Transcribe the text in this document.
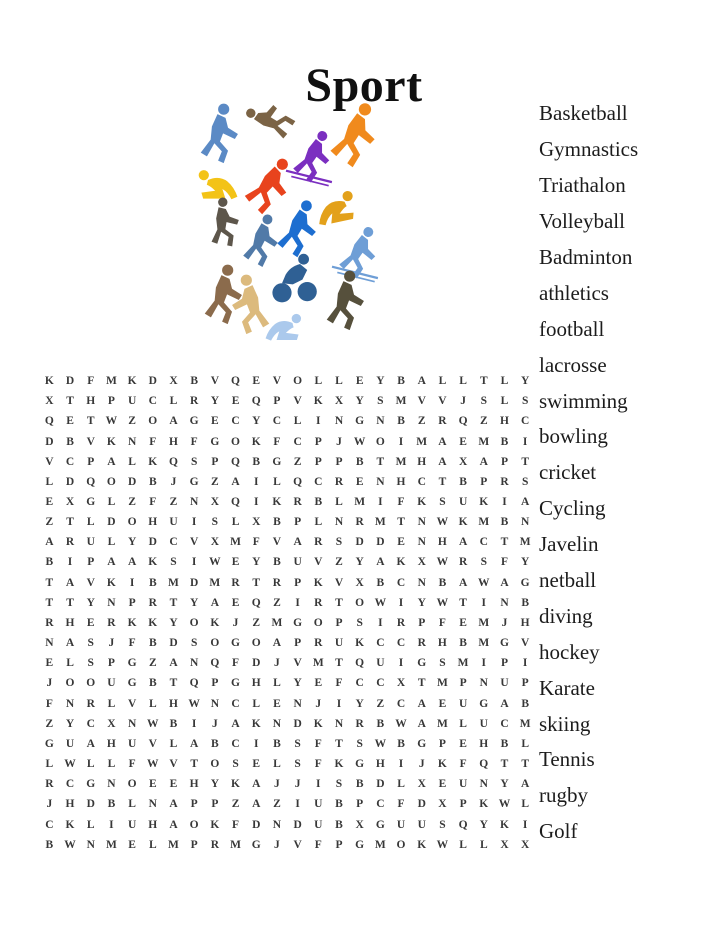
Sport
Basketball
Gymnastics
Triathalon
Volleyball
Badminton
athletics
football
lacrosse
swimming
bowling
cricket
Cycling
Javelin
netball
diving
hockey
Karate
skiing
Tennis
rugby
Golf
K	D	F	M K	D	X	B	V	Q	E	V	O	L	L	E	Y	B	A	L	L	T	L	Y
X	T	H	P	U	C	L	R	Y	E	Q	P	V	K	X	Y	S	M V	V	J	S	L	S
Q	E	T W Z	O	A	G	E	C	Y	C	L	I	N	G	N	B	Z	R	Q	Z	H	C
D	B	V	K	N	F	H	F	G	O	K	F	C	P	J	W O	I	M A	E M B	I
V	C	P	A	L	K	Q	S	P	Q	B	G	Z	P	P	B	T M H	A	X	A	P	T
L	D	Q	O	D	B	J	G	Z	A	I	L	Q	C	R	E	N	H	C	T	B	P	R	S
E	X	G	L	Z	F	Z	N	X	Q	I	K	R	B	L M	I	F	K	S	U	K	I	A
Z	T	L	D	O	H	U	I	S	L	X	B	P	L	N	R M T	N W K M B	N
A	R	U	L	Y	D	C	V	X M	F	V	A	R	S	D	D	E	N	H	A	C	T M
B	I	P	A	A	K	S	I	W E	Y	B	U	V	Z	Y	A	K	X W R	S	F	Y
T	A	V	K	I	B M D M R	T	R	P	K	V	X	B	C	N	B	A W A	G
T	T	Y	N	P	R	T	Y	A	E	Q	Z	I	R	T	O W	I	Y W T	I	N	B
R	H	E	R	K	K	Y	O	K	J	Z M G	O	P	S	I	R	P	F	E M	J	H
N	A	S	J	F	B	D	S	O	G	O	A	P	R	U	K	C	C	R	H	B M G	V
E	L	S	P	G	Z	A	N	Q	F	D	J	V M T	Q	U	I	G	S	M	I	P	I
J	O	O	U	G	B	T	Q	P	G	H	L	Y	E	F	C	C	X	T M	P	N	U	P
F	N	R	L	V	L	H W N	C	L	E	N	J	I	Y	Z	C	A	E	U	G	A	B
Z	Y	C	X	N W B	I	J	A	K	N	D	K	N	R	B W A M L	U	C M
G	U	A	H	U	V	L	A	B	C	I	B	S	F	T	S	W B	G	P	E	H	B	L
L W L	L	F W V	T	O	S	E	L	S	F	K	G	H	I	J	K	F	Q	T	T
R	C	G	N	O	E	E	H	Y	K	A	J	J	I	S	B	D	L	X	E	U	N	Y	A
J	H	D	B	L	N	A	P	P	Z	A	Z	I	U	B	P	C	F	D	X	P	K W L
C	K	L	I	U	H	A	O	K	F	D	N	D	U	B	X	G	U	U	S	Q	Y	K	I
B W N M E	L M	P	R M G	J	V	F	P	G M O	K W L	L	X	X
